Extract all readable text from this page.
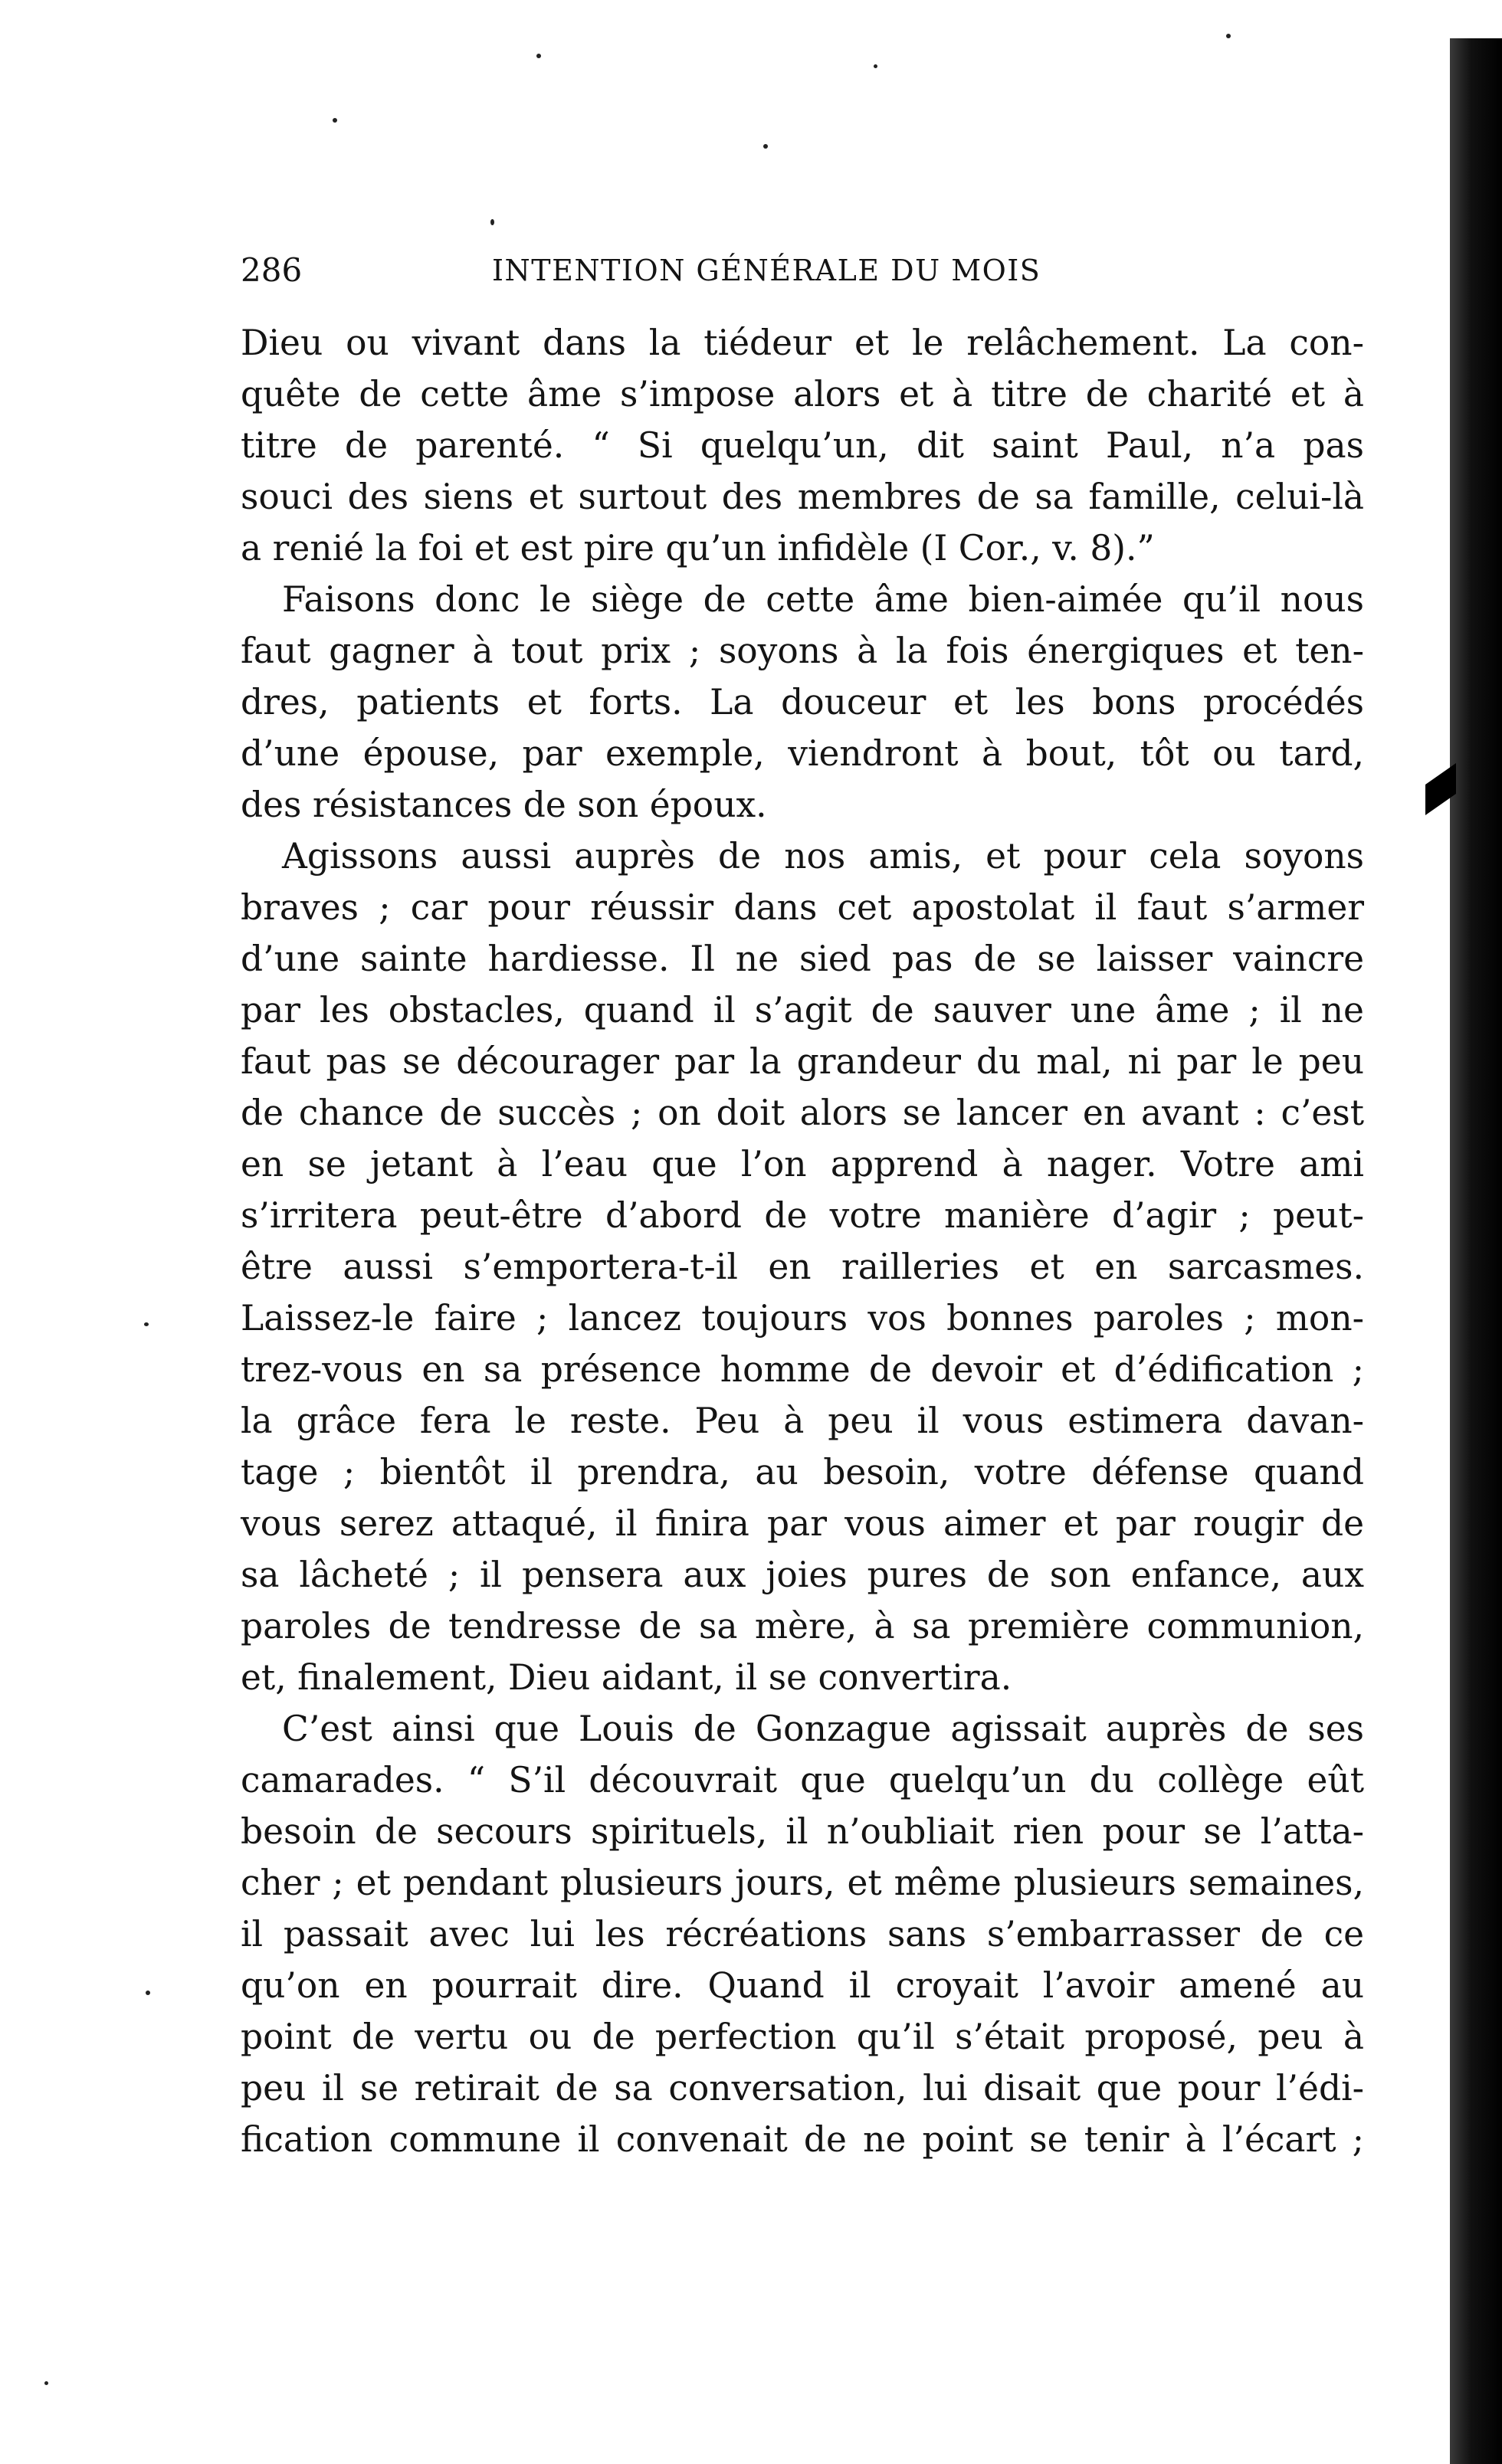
286	INTENTION GÉNÉRALE DU MOIS
Dieu ou vivant dans la tiédeur et le relâchement. La con-
quête de cette âme s’impose alors et à titre de charité et à
titre de parenté. “ Si quelqu’un, dit saint Paul, n’a pas
souci des siens et surtout des membres de sa famille, celui-là
a renié la foi et est pire qu’un infidèle (I Cor., v. 8).”
Faisons donc le siège de cette âme bien-aimée qu’il nous
faut gagner à tout prix ; soyons à la fois énergiques et ten-
dres, patients et forts. La douceur et les bons procédés
d’une épouse, par exemple, viendront à bout, tôt ou tard,
des résistances de son époux.
Agissons aussi auprès de nos amis, et pour cela soyons
braves ; car pour réussir dans cet apostolat il faut s’armer
d’une sainte hardiesse. Il ne sied pas de se laisser vaincre
par les obstacles, quand il s’agit de sauver une âme ; il ne
faut pas se décourager par la grandeur du mal, ni par le peu
de chance de succès ; on doit alors se lancer en avant : c’est
en se jetant à l’eau que l’on apprend à nager. Votre ami
s’irritera peut-être d’abord de votre manière d’agir ; peut-
être aussi s’emportera-t-il en railleries et en sarcasmes.
Laissez-le faire ; lancez toujours vos bonnes paroles ; mon-
trez-vous en sa présence homme de devoir et d’édification ;
la grâce fera le reste. Peu à peu il vous estimera davan-
tage ; bientôt il prendra, au besoin, votre défense quand
vous serez attaqué, il finira par vous aimer et par rougir de
sa lâcheté ; il pensera aux joies pures de son enfance, aux
paroles de tendresse de sa mère, à sa première communion,
et, finalement, Dieu aidant, il se convertira.
C’est ainsi que Louis de Gonzague agissait auprès de ses
camarades. “ S’il découvrait que quelqu’un du collège eût
besoin de secours spirituels, il n’oubliait rien pour se l’atta-
cher ; et pendant plusieurs jours, et même plusieurs semaines,
il passait avec lui les récréations sans s’embarrasser de ce
qu’on en pourrait dire. Quand il croyait l’avoir amené au
point de vertu ou de perfection qu’il s’était proposé, peu à
peu il se retirait de sa conversation, lui disait que pour l’édi-
fication commune il convenait de ne point se tenir à l’écart ;
